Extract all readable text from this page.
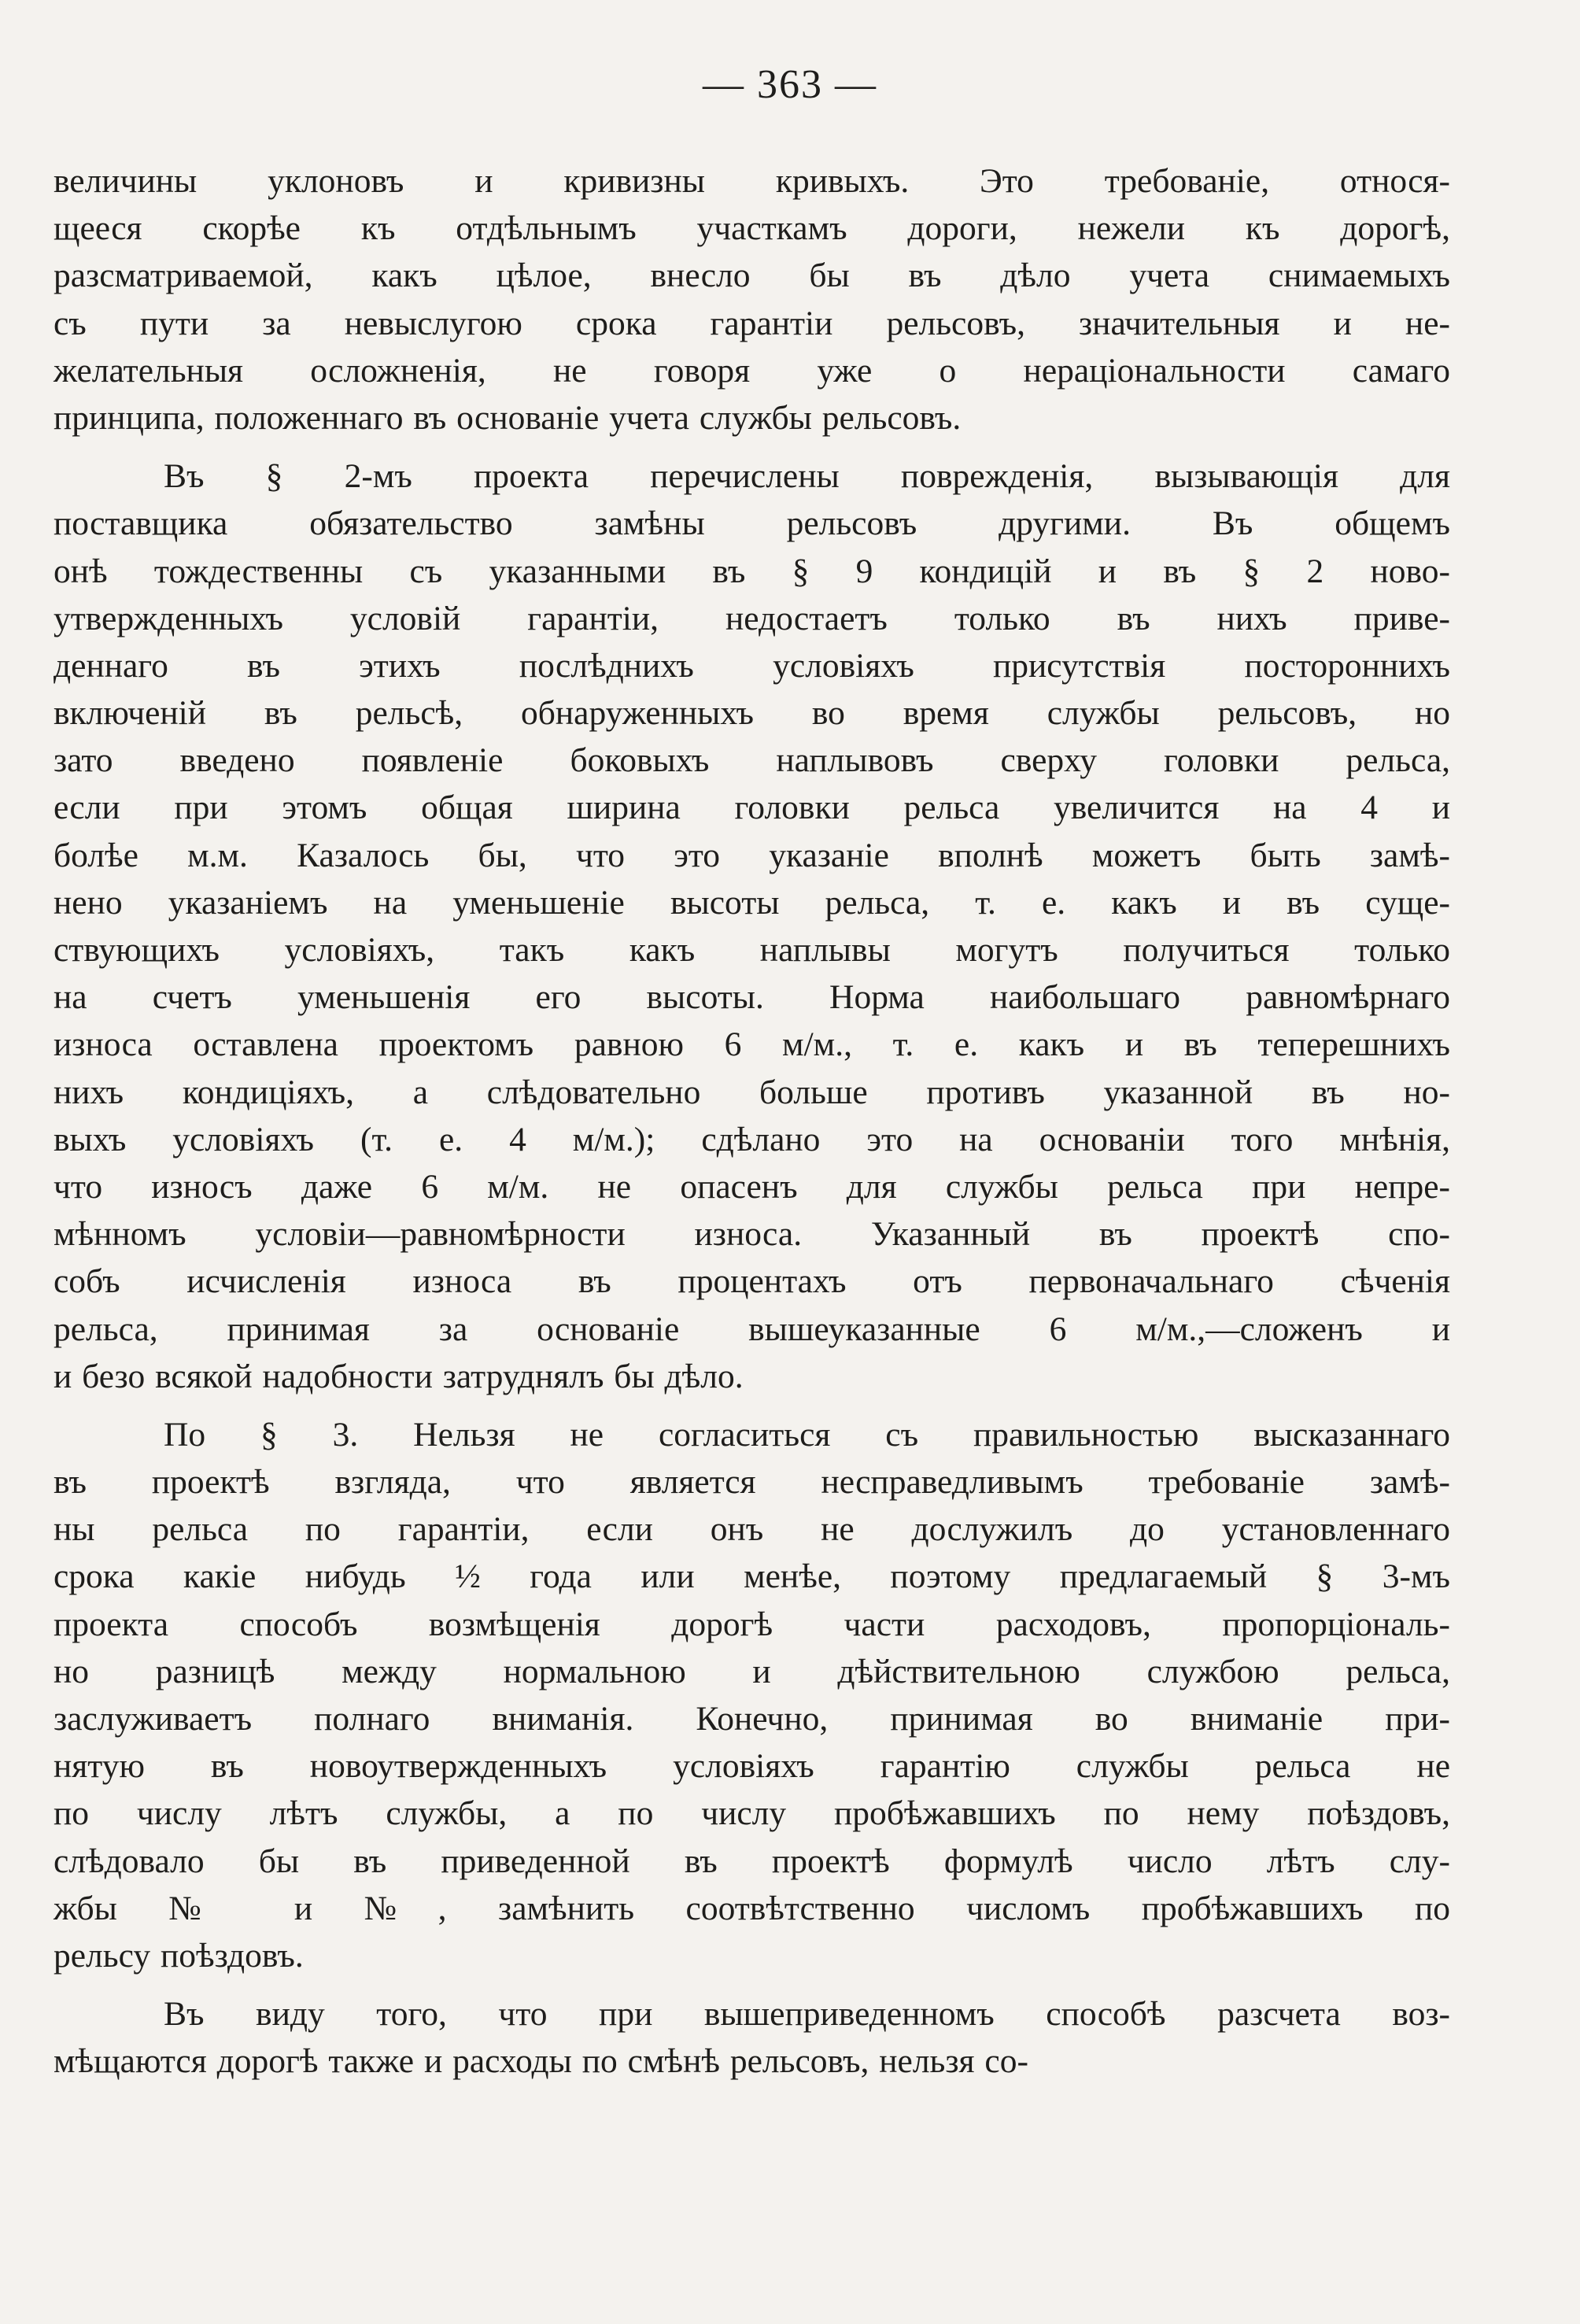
— 363 —
величины уклоновъ и кривизны кривыхъ. Это требованіе, относя-
щееся скорѣе къ отдѣльнымъ участкамъ дороги, нежели къ дорогѣ,
разсматриваемой, какъ цѣлое, внесло бы въ дѣло учета снимаемыхъ
съ пути за невыслугою срока гарантіи рельсовъ, значительныя и не-
желательныя осложненія, не говоря уже о нераціональности самаго
принципа, положеннаго въ основаніе учета службы рельсовъ.
Въ § 2-мъ проекта перечислены поврежденія, вызывающія для
поставщика обязательство замѣны рельсовъ другими. Въ общемъ
онѣ тождественны съ указанными въ § 9 кондицій и въ § 2 ново-
утвержденныхъ условій гарантіи, недостаетъ только въ нихъ приве-
деннаго въ этихъ послѣднихъ условіяхъ присутствія постороннихъ
включеній въ рельсѣ, обнаруженныхъ во время службы рельсовъ, но
зато введено появленіе боковыхъ наплывовъ сверху головки рельса,
если при этомъ общая ширина головки рельса увеличится на 4 и
болѣе м.м. Казалось бы, что это указаніе вполнѣ можетъ быть замѣ-
нено указаніемъ на уменьшеніе высоты рельса, т. е. какъ и въ суще-
ствующихъ условіяхъ, такъ какъ наплывы могутъ получиться только
на счетъ уменьшенія его высоты. Норма наибольшаго равномѣрнаго
износа оставлена проектомъ равною 6 м/м., т. е. какъ и въ теперешнихъ
нихъ кондиціяхъ, а слѣдовательно больше противъ указанной въ но-
выхъ условіяхъ (т. е. 4 м/м.); сдѣлано это на основаніи того мнѣнія,
что износъ даже 6 м/м. не опасенъ для службы рельса при непре-
мѣнномъ условіи—равномѣрности износа. Указанный въ проектѣ спо-
собъ исчисленія износа въ процентахъ отъ первоначальнаго сѣченія
рельса, принимая за основаніе вышеуказанные 6 м/м.,—сложенъ и
и безо всякой надобности затруднялъ бы дѣло.
По § 3. Нельзя не согласиться съ правильностью высказаннаго
въ проектѣ взгляда, что является несправедливымъ требованіе замѣ-
ны рельса по гарантіи, если онъ не дослужилъ до установленнаго
срока какіе нибудь ½ года или менѣе, поэтому предлагаемый § 3-мъ
проекта способъ возмѣщенія дорогѣ части расходовъ, пропорціональ-
но разницѣ между нормальною и дѣйствительною службою рельса,
заслуживаетъ полнаго вниманія. Конечно, принимая во вниманіе при-
нятую въ новоутвержденныхъ условіяхъ гарантію службы рельса не
по числу лѣтъ службы, а по числу пробѣжавшихъ по нему поѣздовъ,
слѣдовало бы въ приведенной въ проектѣ формулѣ число лѣтъ слу-
жбы № и №, замѣнить соотвѣтственно числомъ пробѣжавшихъ по
рельсу поѣздовъ.
Въ виду того, что при вышеприведенномъ способѣ разсчета воз-
мѣщаются дорогѣ также и расходы по смѣнѣ рельсовъ, нельзя со-
